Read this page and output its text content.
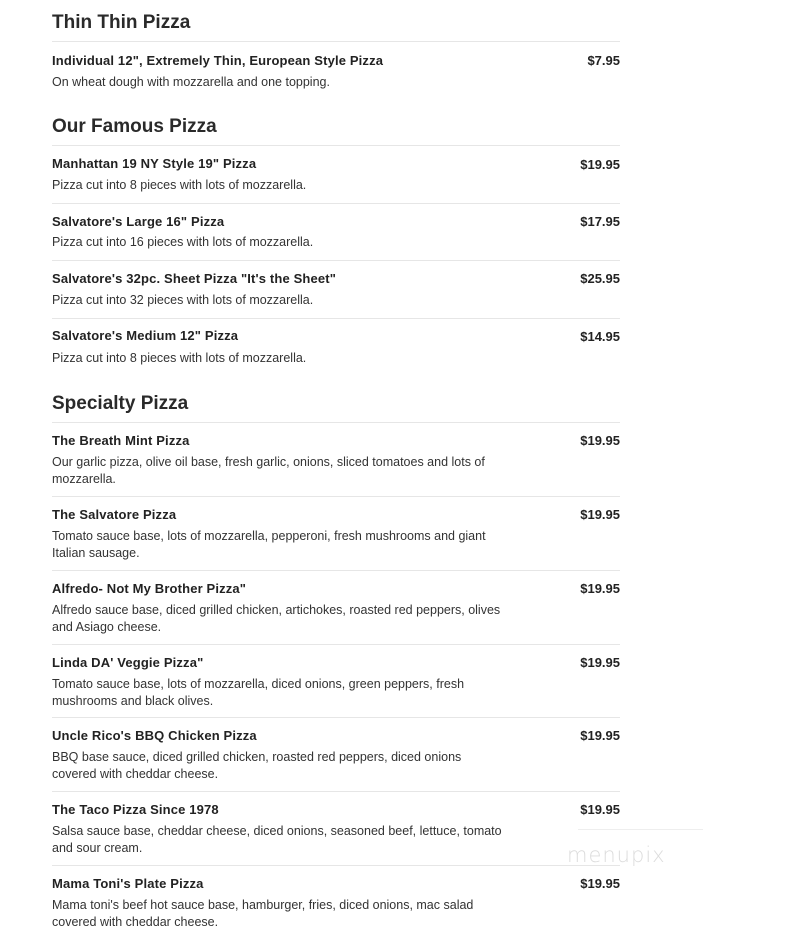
Thin Thin Pizza
Individual 12", Extremely Thin, European Style Pizza	$7.95
On wheat dough with mozzarella and one topping.
Our Famous Pizza
Manhattan 19 NY Style 19" Pizza	$19.95
Pizza cut into 8 pieces with lots of mozzarella.
Salvatore's Large 16" Pizza	$17.95
Pizza cut into 16 pieces with lots of mozzarella.
Salvatore's 32pc. Sheet Pizza "It's the Sheet"	$25.95
Pizza cut into 32 pieces with lots of mozzarella.
Salvatore's Medium 12" Pizza	$14.95
Pizza cut into 8 pieces with lots of mozzarella.
Specialty Pizza
The Breath Mint Pizza	$19.95
Our garlic pizza, olive oil base, fresh garlic, onions, sliced tomatoes and lots of mozzarella.
The Salvatore Pizza	$19.95
Tomato sauce base, lots of mozzarella, pepperoni, fresh mushrooms and giant Italian sausage.
Alfredo- Not My Brother Pizza"	$19.95
Alfredo sauce base, diced grilled chicken, artichokes, roasted red peppers, olives and Asiago cheese.
Linda DA' Veggie Pizza"	$19.95
Tomato sauce base, lots of mozzarella, diced onions, green peppers, fresh mushrooms and black olives.
Uncle Rico's BBQ Chicken Pizza	$19.95
BBQ base sauce, diced grilled chicken, roasted red peppers, diced onions covered with cheddar cheese.
The Taco Pizza Since 1978	$19.95
Salsa sauce base, cheddar cheese, diced onions, seasoned beef, lettuce, tomato and sour cream.
Mama Toni's Plate Pizza	$19.95
Mama toni's beef hot sauce base, hamburger, fries, diced onions, mac salad covered with cheddar cheese.
menupix
